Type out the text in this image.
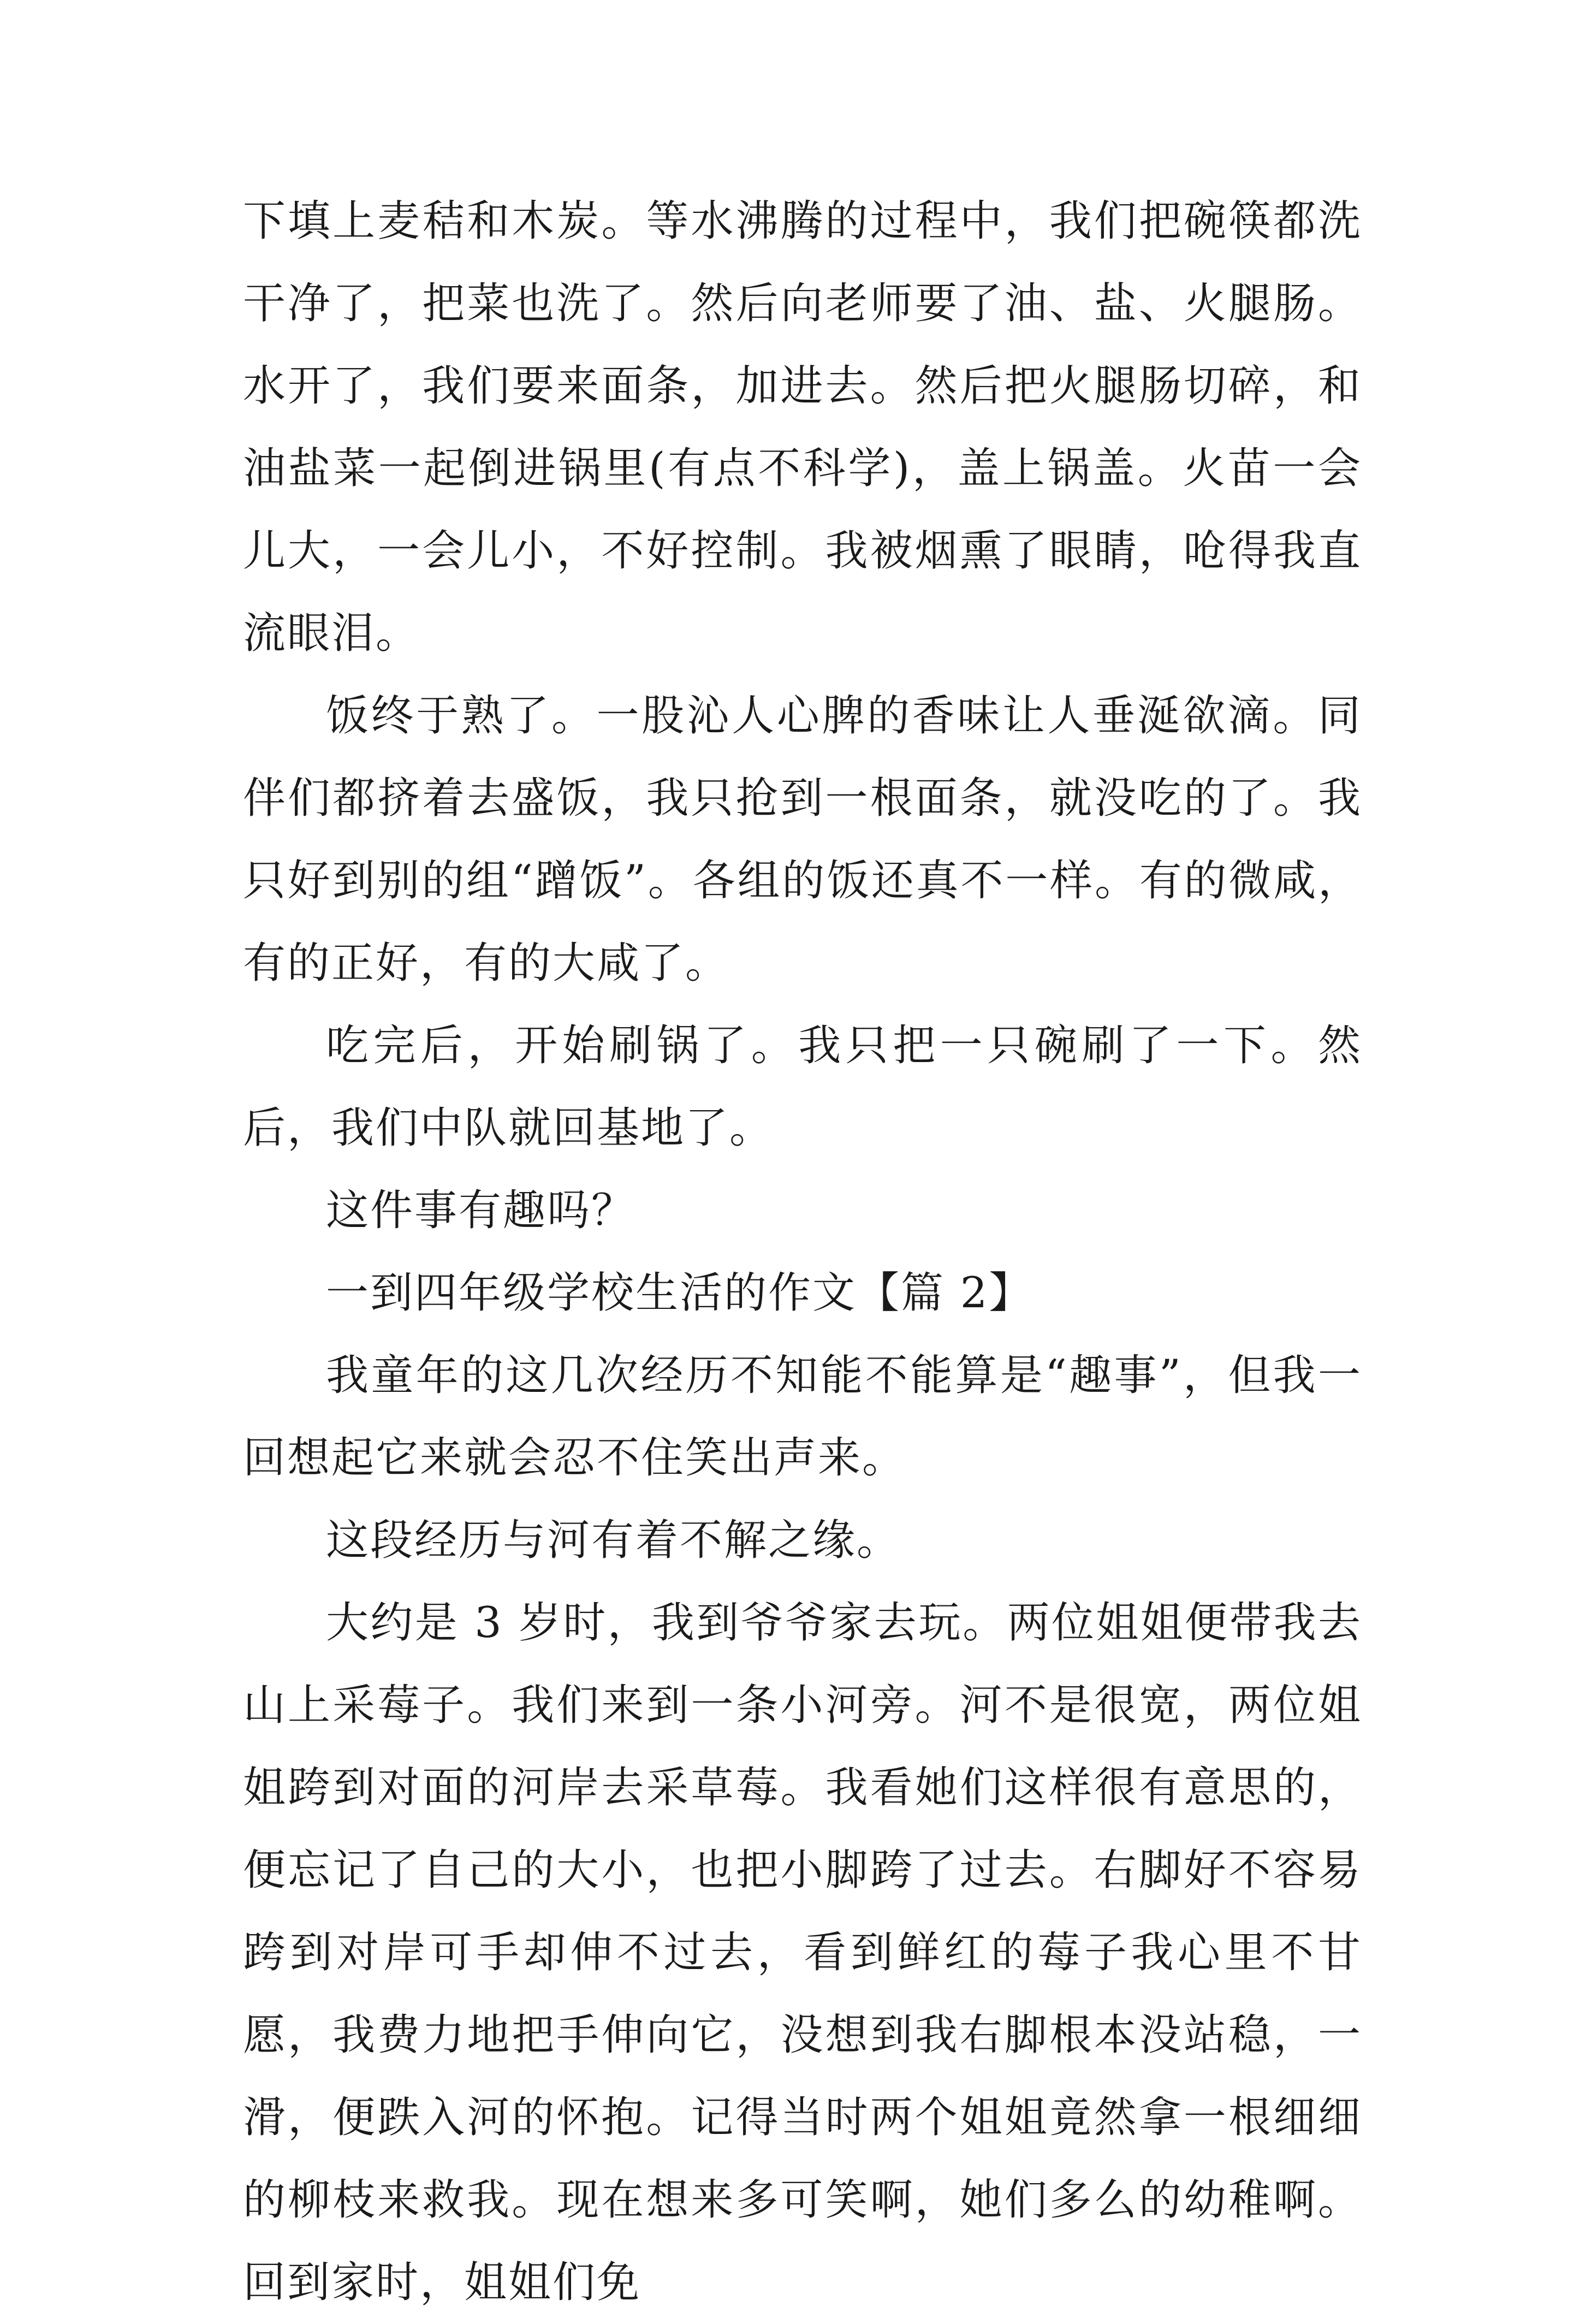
下填上麦秸和木炭。等水沸腾的过程中，我们把碗筷都洗干净了，把菜也洗了。然后向老师要了油、盐、火腿肠。水开了，我们要来面条，加进去。然后把火腿肠切碎，和油盐菜一起倒进锅里(有点不科学)，盖上锅盖。火苗一会儿大，一会儿小，不好控制。我被烟熏了眼睛，呛得我直流眼泪。

饭终于熟了。一股沁人心脾的香味让人垂涎欲滴。同伴们都挤着去盛饭，我只抢到一根面条，就没吃的了。我只好到别的组“蹭饭”。各组的饭还真不一样。有的微咸，有的正好，有的大咸了。

吃完后，开始刷锅了。我只把一只碗刷了一下。然后，我们中队就回基地了。

这件事有趣吗？

一到四年级学校生活的作文【篇 2】

我童年的这几次经历不知能不能算是“趣事”，但我一回想起它来就会忍不住笑出声来。

这段经历与河有着不解之缘。

大约是 3 岁时，我到爷爷家去玩。两位姐姐便带我去山上采莓子。我们来到一条小河旁。河不是很宽，两位姐姐跨到对面的河岸去采草莓。我看她们这样很有意思的，便忘记了自己的大小，也把小脚跨了过去。右脚好不容易跨到对岸可手却伸不过去，看到鲜红的莓子我心里不甘愿，我费力地把手伸向它，没想到我右脚根本没站稳，一滑，便跌入河的怀抱。记得当时两个姐姐竟然拿一根细细的柳枝来救我。现在想来多可笑啊，她们多么的幼稚啊。回到家时，姐姐们免
